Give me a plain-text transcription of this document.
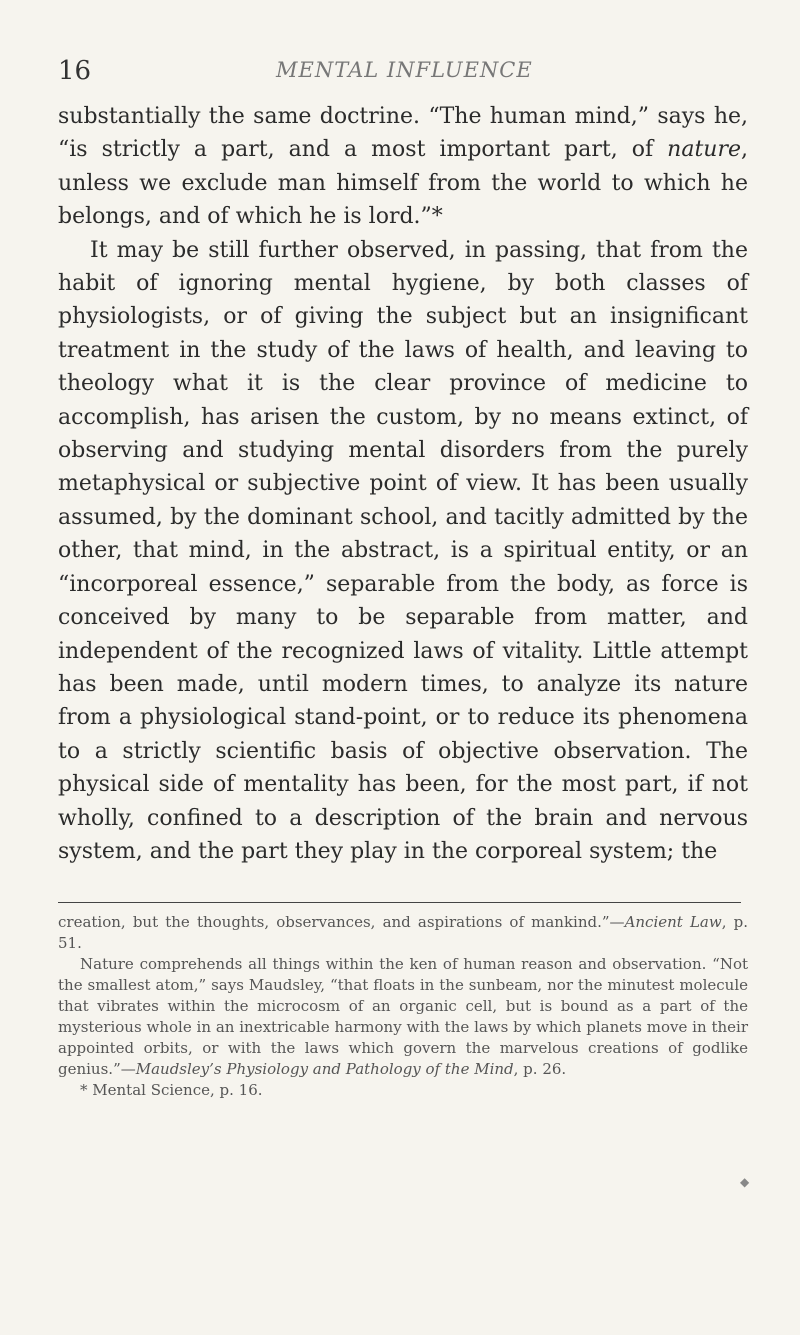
16	MENTAL INFLUENCE

substantially the same doctrine. “The human mind,” says he, “is strictly a part, and a most important part, of nature, unless we exclude man himself from the world to which he belongs, and of which he is lord.”*

It may be still further observed, in passing, that from the habit of ignoring mental hygiene, by both classes of physiologists, or of giving the subject but an insignificant treatment in the study of the laws of health, and leaving to theology what it is the clear province of medicine to accomplish, has arisen the custom, by no means extinct, of observing and studying mental disorders from the purely metaphysical or subjective point of view. It has been usually assumed, by the dominant school, and tacitly admitted by the other, that mind, in the abstract, is a spiritual entity, or an “incorporeal essence,” separable from the body, as force is conceived by many to be separable from matter, and independent of the recognized laws of vitality. Little attempt has been made, until modern times, to analyze its nature from a physiological stand-point, or to reduce its phenomena to a strictly scientific basis of objective observation. The physical side of mentality has been, for the most part, if not wholly, confined to a description of the brain and nervous system, and the part they play in the corporeal system; the

creation, but the thoughts, observances, and aspirations of mankind.”—Ancient Law, p. 51.

Nature comprehends all things within the ken of human reason and observation. “Not the smallest atom,” says Maudsley, “that floats in the sunbeam, nor the minutest molecule that vibrates within the microcosm of an organic cell, but is bound as a part of the mysterious whole in an inextricable harmony with the laws by which planets move in their appointed orbits, or with the laws which govern the marvelous creations of godlike genius.”—Maudsley’s Physiology and Pathology of the Mind, p. 26.

* Mental Science, p. 16.

◆
